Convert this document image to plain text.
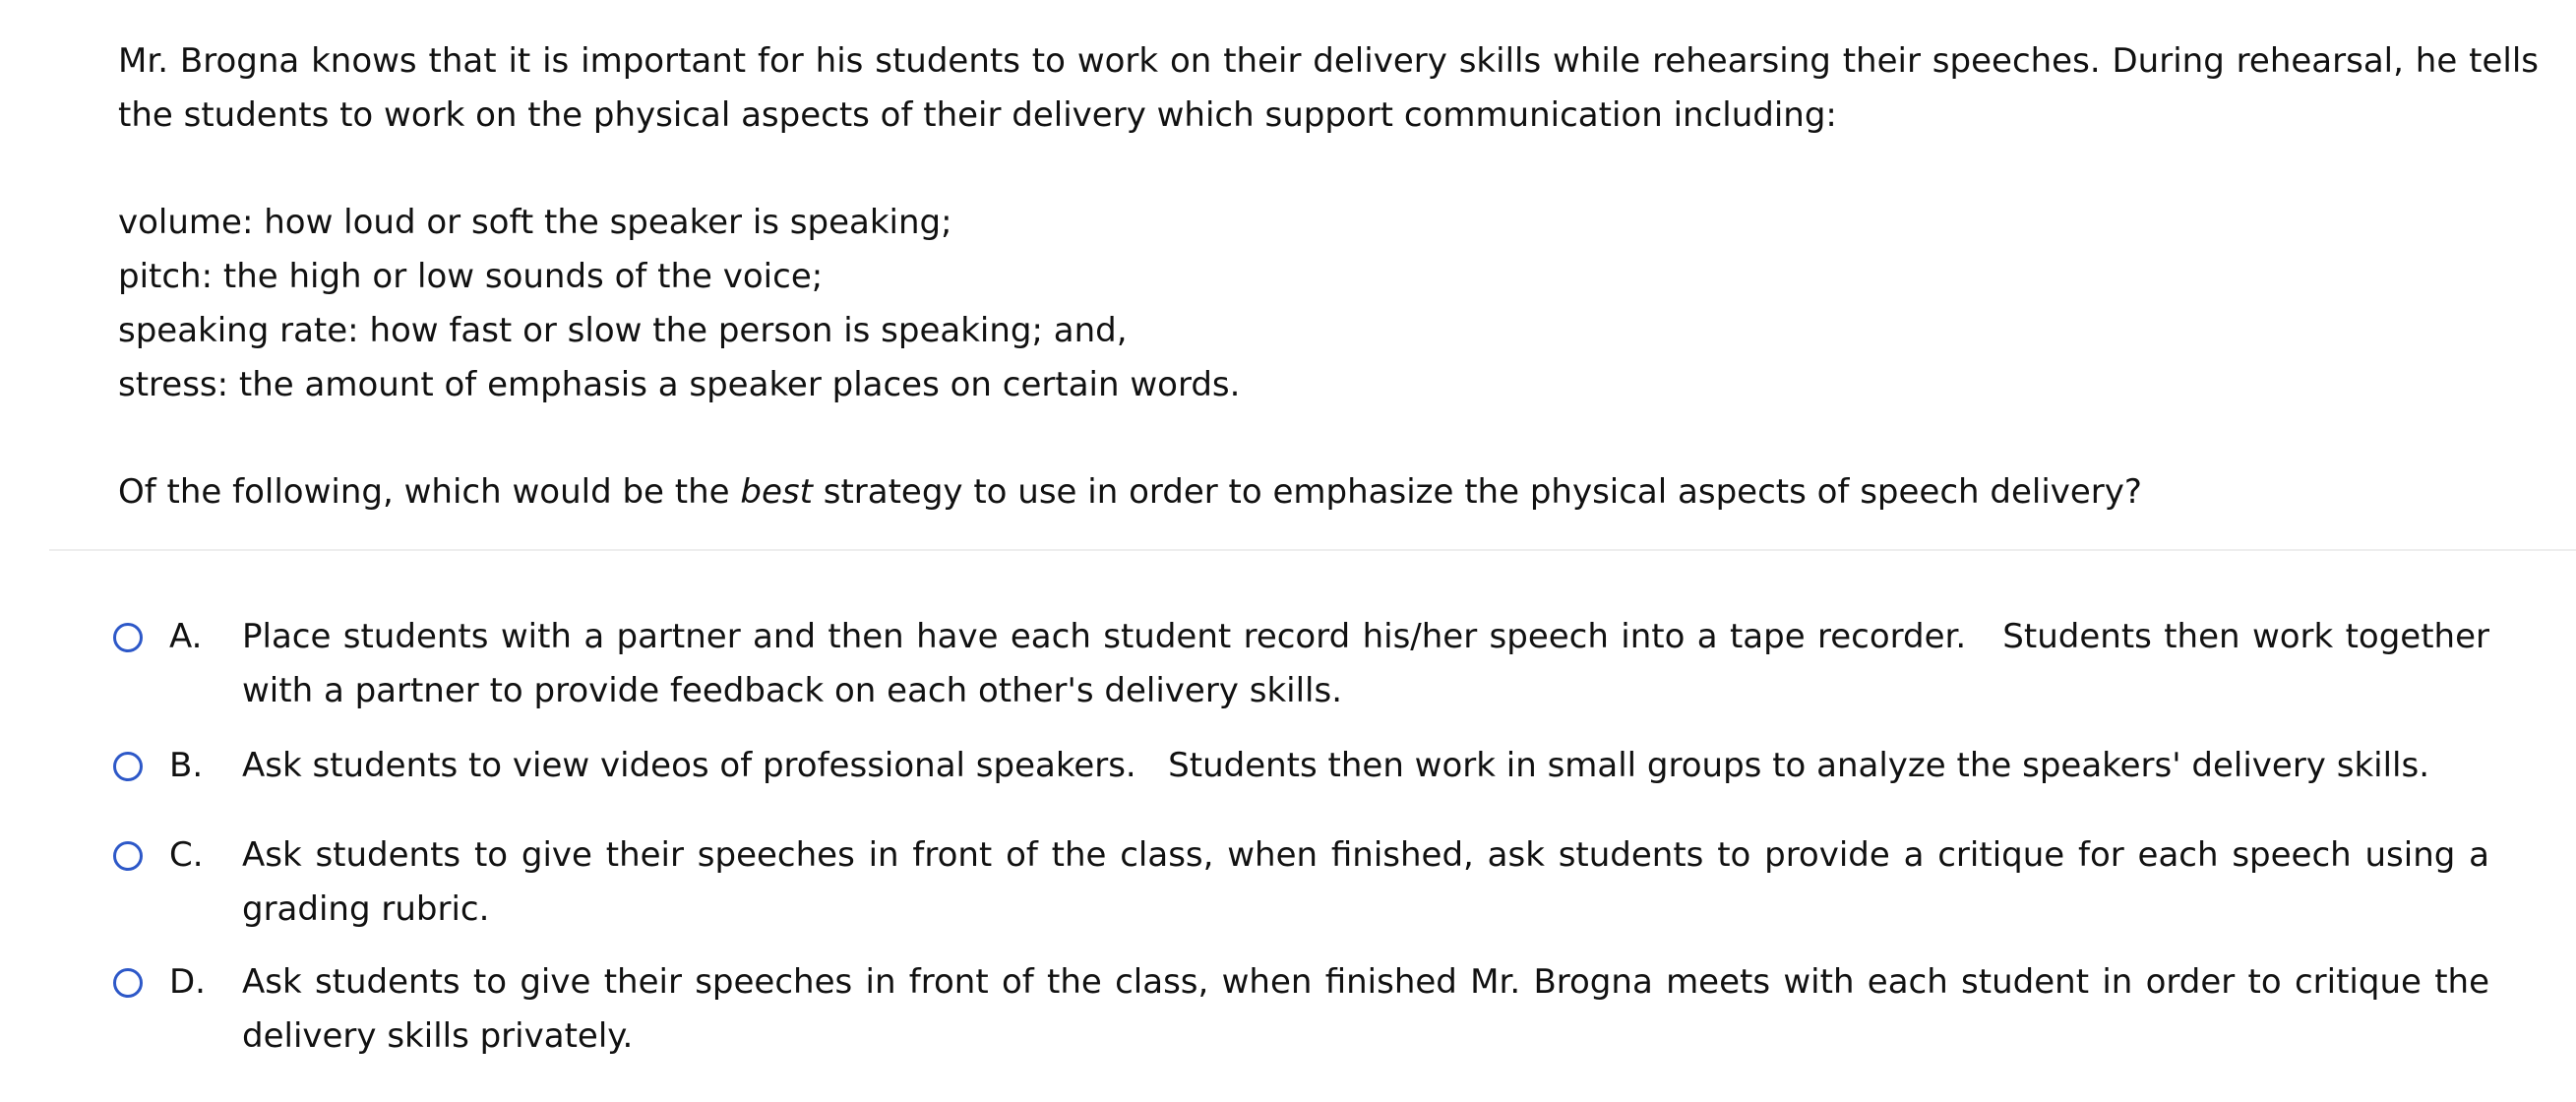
Mr. Brogna knows that it is important for his students to work on their delivery skills while rehearsing their speeches. During rehearsal, he tells the students to work on the physical aspects of their delivery which support communication including:

volume: how loud or soft the speaker is speaking;
pitch: the high or low sounds of the voice;
speaking rate: how fast or slow the person is speaking; and,
stress: the amount of emphasis a speaker places on certain words.

Of the following, which would be the best strategy to use in order to emphasize the physical aspects of speech delivery?

A.	Place students with a partner and then have each student record his/her speech into a tape recorder.   Students then work together with a partner to provide feedback on each other's delivery skills.
B.	Ask students to view videos of professional speakers.   Students then work in small groups to analyze the speakers' delivery skills.
C.	Ask students to give their speeches in front of the class, when finished, ask students to provide a critique for each speech using a grading rubric.
D.	Ask students to give their speeches in front of the class, when finished Mr. Brogna meets with each student in order to critique the delivery skills privately.
